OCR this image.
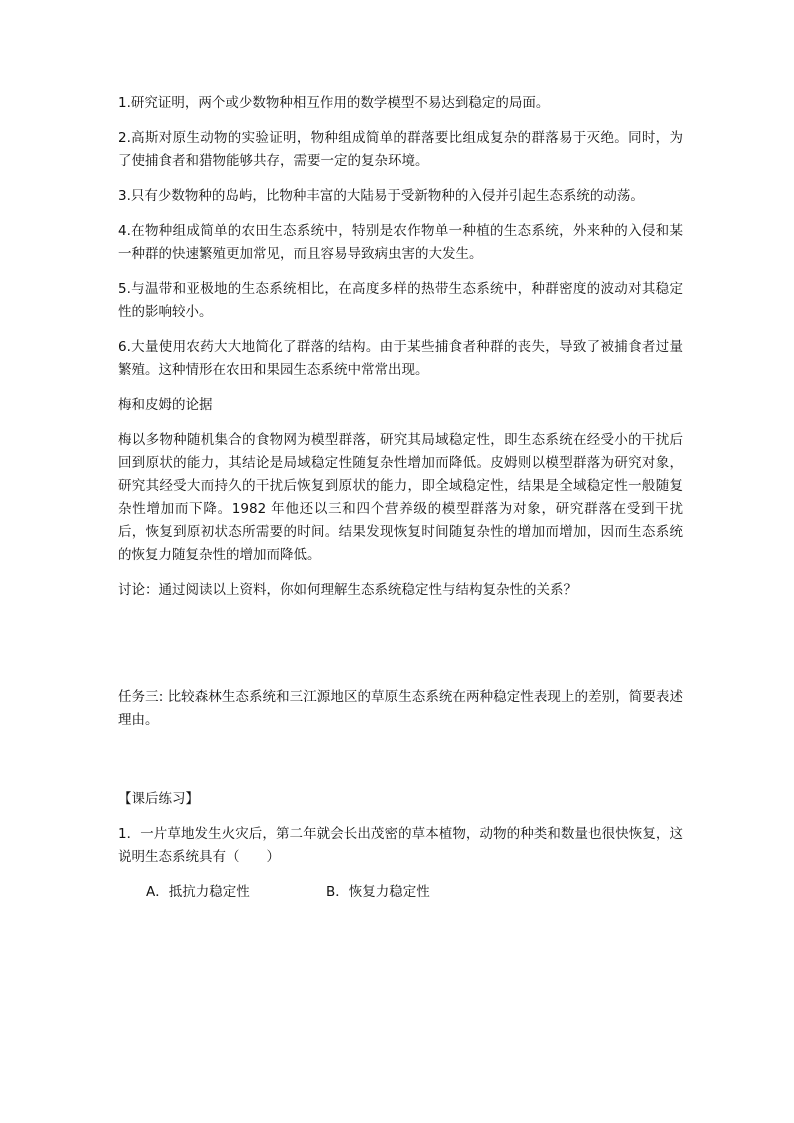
1.研究证明，两个或少数物种相互作用的数学模型不易达到稳定的局面。

2.高斯对原生动物的实验证明，物种组成简单的群落要比组成复杂的群落易于灭绝。同时，为了使捕食者和猎物能够共存，需要一定的复杂环境。

3.只有少数物种的岛屿，比物种丰富的大陆易于受新物种的入侵并引起生态系统的动荡。

4.在物种组成简单的农田生态系统中，特别是农作物单一种植的生态系统，外来种的入侵和某一种群的快速繁殖更加常见，而且容易导致病虫害的大发生。

5.与温带和亚极地的生态系统相比，在高度多样的热带生态系统中，种群密度的波动对其稳定性的影响较小。

6.大量使用农药大大地简化了群落的结构。由于某些捕食者种群的丧失，导致了被捕食者过量繁殖。这种情形在农田和果园生态系统中常常出现。

梅和皮姆的论据

梅以多物种随机集合的食物网为模型群落，研究其局域稳定性，即生态系统在经受小的干扰后回到原状的能力，其结论是局域稳定性随复杂性增加而降低。皮姆则以模型群落为研究对象，研究其经受大而持久的干扰后恢复到原状的能力，即全域稳定性，结果是全域稳定性一般随复杂性增加而下降。1982 年他还以三和四个营养级的模型群落为对象，研究群落在受到干扰后，恢复到原初状态所需要的时间。结果发现恢复时间随复杂性的增加而增加，因而生态系统的恢复力随复杂性的增加而降低。

讨论：通过阅读以上资料，你如何理解生态系统稳定性与结构复杂性的关系？

任务三: 比较森林生态系统和三江源地区的草原生态系统在两种稳定性表现上的差别，简要表述理由。

【课后练习】

1．一片草地发生火灾后，第二年就会长出茂密的草本植物，动物的种类和数量也很快恢复，这说明生态系统具有（　　）

A．抵抗力稳定性	B．恢复力稳定性
